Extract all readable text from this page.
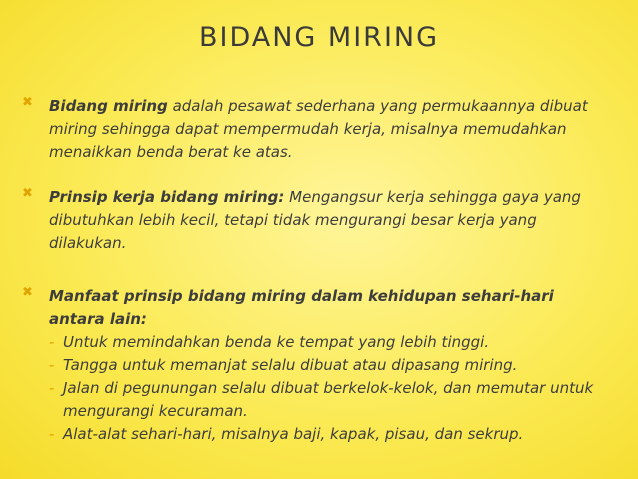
BIDANG MIRING
✖ Bidang miring adalah pesawat sederhana yang permukaannya dibuat miring sehingga dapat mempermudah kerja, misalnya memudahkan menaikkan benda berat ke atas.
✖ Prinsip kerja bidang miring: Mengangsur kerja sehingga gaya yang dibutuhkan lebih kecil, tetapi tidak mengurangi besar kerja yang dilakukan.
✖ Manfaat prinsip bidang miring dalam kehidupan sehari-hari antara lain:
- Untuk memindahkan benda ke tempat yang lebih tinggi.
- Tangga untuk memanjat selalu dibuat atau dipasang miring.
- Jalan di pegunungan selalu dibuat berkelok-kelok, dan memutar untuk mengurangi kecuraman.
- Alat-alat sehari-hari, misalnya baji, kapak, pisau, dan sekrup.
